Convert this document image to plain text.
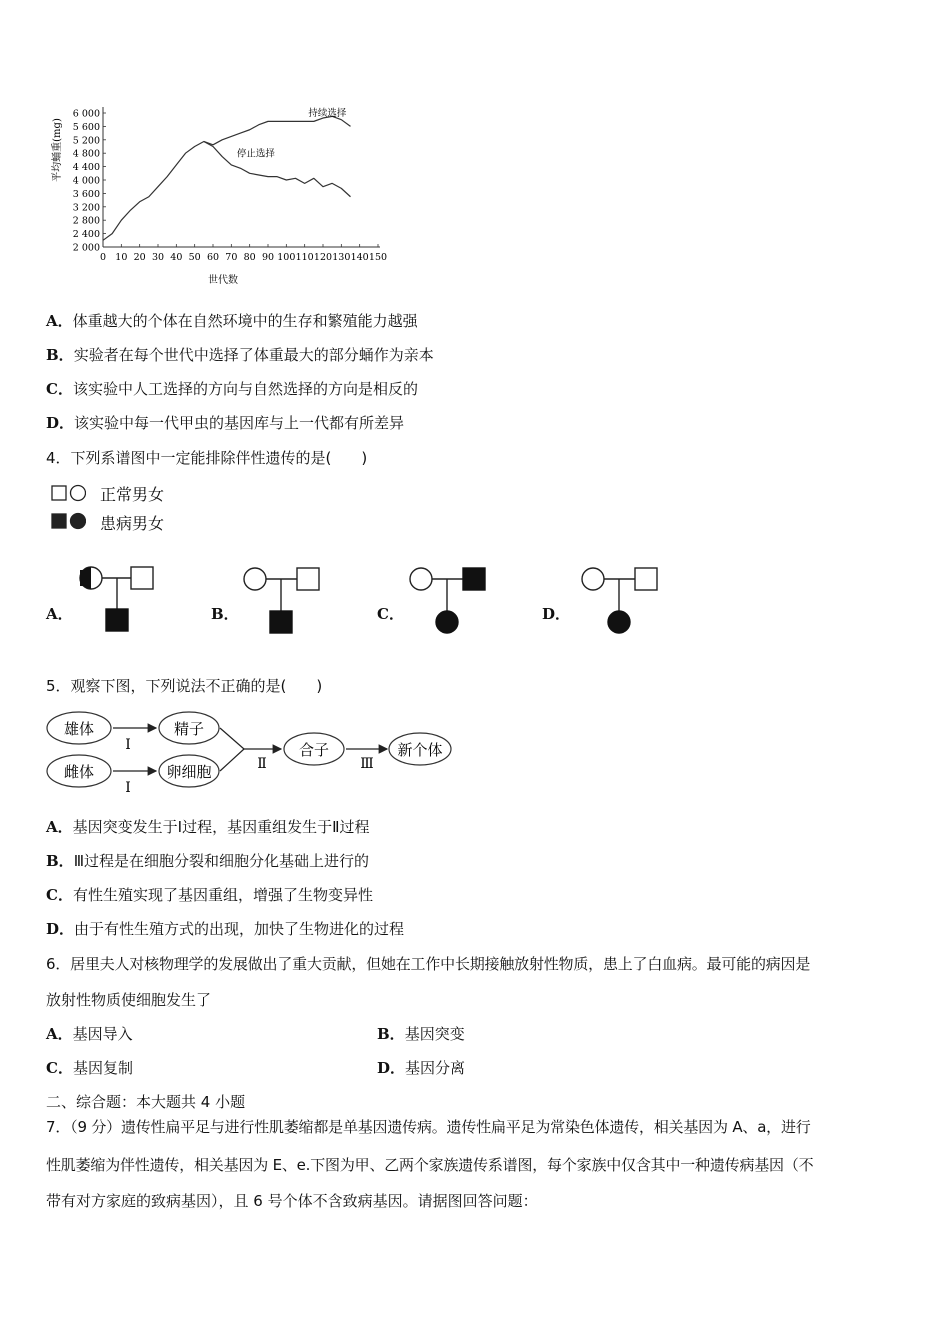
6 000
5 600
5 200
4 800
4 400
4 000
3 600
3 200
2 800
2 400
2 000
0 10 20 30 40 50 60 70 80 90 100 110 120 130 140 150
持续选择
停止选择
平均蛹重(mg)
世代数
A．体重越大的个体在自然环境中的生存和繁殖能力越强
B．实验者在每个世代中选择了体重最大的部分蛹作为亲本
C．该实验中人工选择的方向与自然选择的方向是相反的
D．该实验中每一代甲虫的基因库与上一代都有所差异
4．下列系谱图中一定能排除伴性遗传的是(　　)
正常男女
患病男女
A．	B．	C．	D．
5．观察下图，下列说法不正确的是(　　)
雄体
雌体
Ⅰ
Ⅰ
精子
卵细胞	Ⅱ
合子
Ⅲ
新个体
A．基因突变发生于Ⅰ过程，基因重组发生于Ⅱ过程
B．Ⅲ过程是在细胞分裂和细胞分化基础上进行的
C．有性生殖实现了基因重组，增强了生物变异性
D．由于有性生殖方式的出现，加快了生物进化的过程
6．居里夫人对核物理学的发展做出了重大贡献，但她在工作中长期接触放射性物质，患上了白血病。最可能的病因是
放射性物质使细胞发生了
A．基因导入	B．基因突变
C．基因复制	D．基因分离
二、综合题：本大题共 4 小题
7．（9 分）遗传性扁平足与进行性肌萎缩都是单基因遗传病。遗传性扁平足为常染色体遗传，相关基因为 A、a，进行
性肌萎缩为伴性遗传，相关基因为 E、e.下图为甲、乙两个家族遗传系谱图，每个家族中仅含其中一种遗传病基因（不
带有对方家庭的致病基因），且 6 号个体不含致病基因。请据图回答问题：
